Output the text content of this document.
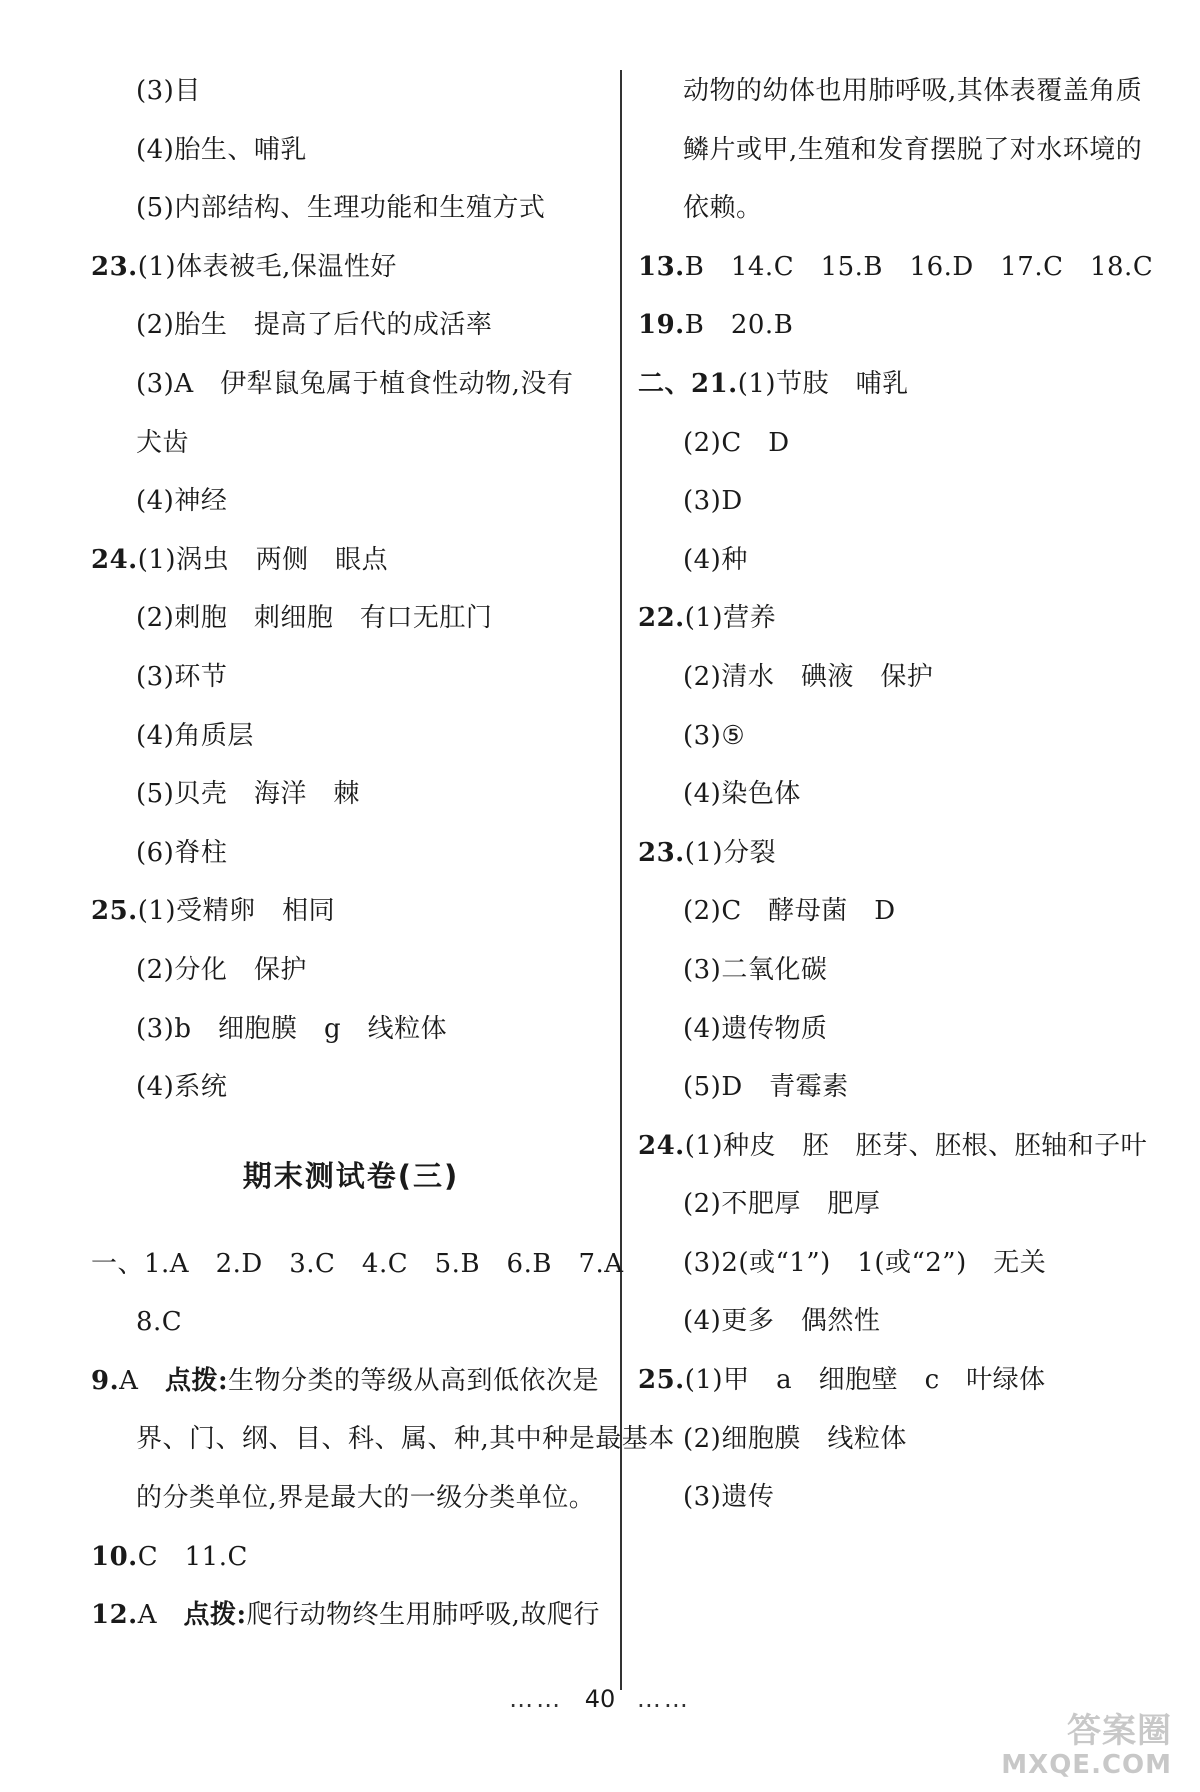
(3)目
(4)胎生、哺乳
(5)内部结构、生理功能和生殖方式
23.(1)体表被毛,保温性好
(2)胎生　提高了后代的成活率
(3)A　伊犁鼠兔属于植食性动物,没有
犬齿
(4)神经
24.(1)涡虫　两侧　眼点
(2)刺胞　刺细胞　有口无肛门
(3)环节
(4)角质层
(5)贝壳　海洋　棘
(6)脊柱
25.(1)受精卵　相同
(2)分化　保护
(3)b　细胞膜　g　线粒体
(4)系统
期末测试卷(三)
一、1.A　2.D　3.C　4.C　5.B　6.B　7.A
8.C
9.A　点拨:生物分类的等级从高到低依次是
界、门、纲、目、科、属、种,其中种是最基本
的分类单位,界是最大的一级分类单位。
10.C　11.C
12.A　点拨:爬行动物终生用肺呼吸,故爬行
动物的幼体也用肺呼吸,其体表覆盖角质
鳞片或甲,生殖和发育摆脱了对水环境的
依赖。
13.B　14.C　15.B　16.D　17.C　18.C
19.B　20.B
二、21.(1)节肢　哺乳
(2)C　D
(3)D
(4)种
22.(1)营养
(2)清水　碘液　保护
(3)⑤
(4)染色体
23.(1)分裂
(2)C　酵母菌　D
(3)二氧化碳
(4)遗传物质
(5)D　青霉素
24.(1)种皮　胚　胚芽、胚根、胚轴和子叶
(2)不肥厚　肥厚
(3)2(或“1”)　1(或“2”)　无关
(4)更多　偶然性
25.(1)甲　a　细胞壁　c　叶绿体
(2)细胞膜　线粒体
(3)遗传
…… 40 ……
答案圈
MXQE.COM
